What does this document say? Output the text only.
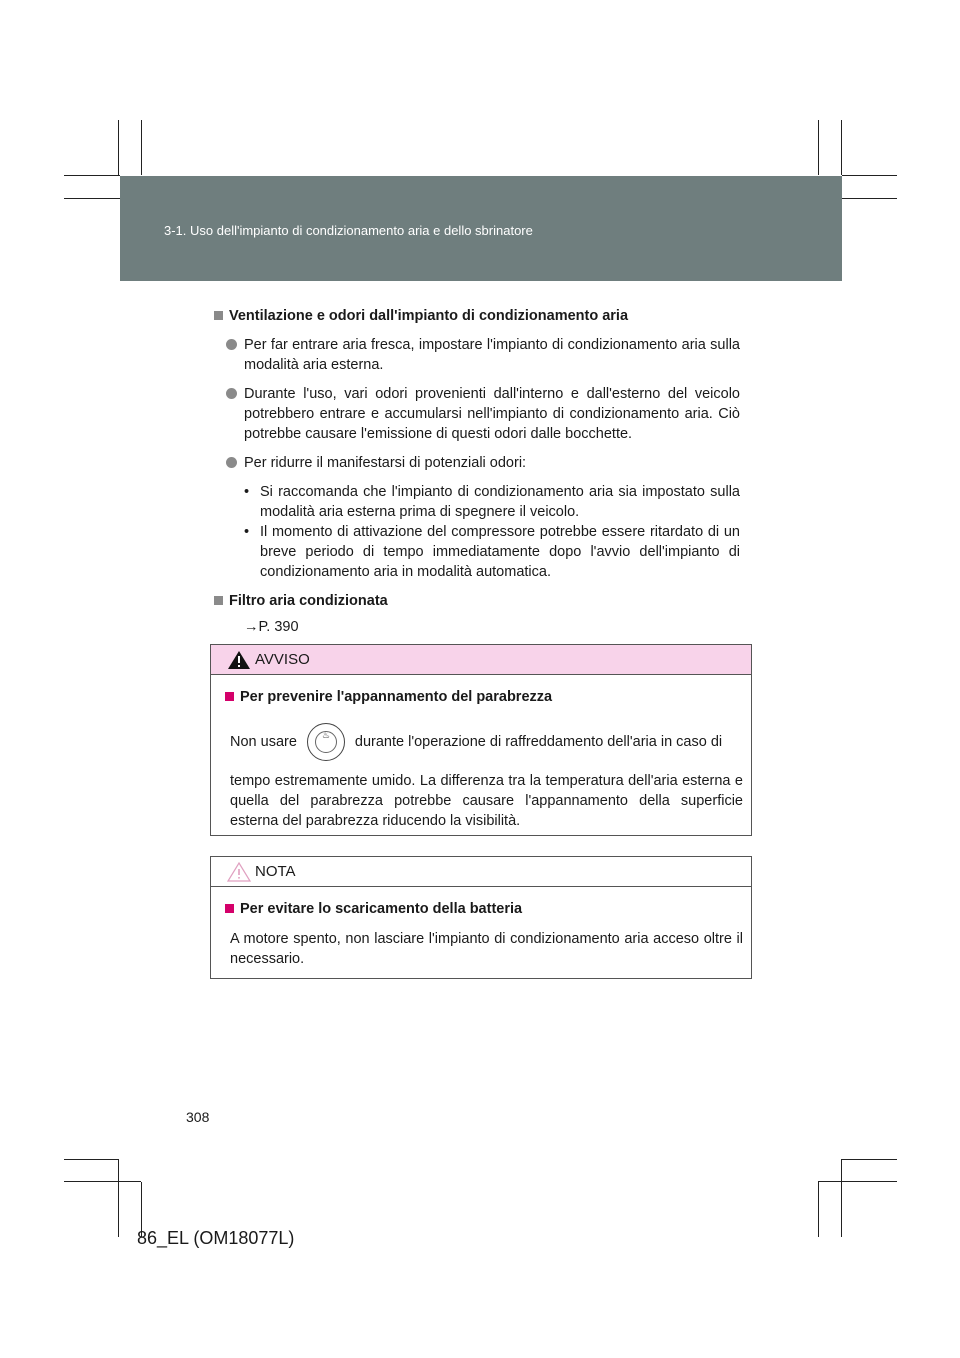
3-1. Uso dell'impianto di condizionamento aria e dello sbrinatore
Ventilazione e odori dall'impianto di condizionamento aria
Per far entrare aria fresca, impostare l'impianto di condizionamento aria sulla modalità aria esterna.
Durante l'uso, vari odori provenienti dall'interno e dall'esterno del veicolo potrebbero entrare e accumularsi nell'impianto di condizionamento aria. Ciò potrebbe causare l'emissione di questi odori dalle bocchette.
Per ridurre il manifestarsi di potenziali odori:
• Si raccomanda che l'impianto di condizionamento aria sia impostato sulla modalità aria esterna prima di spegnere il veicolo.
• Il momento di attivazione del compressore potrebbe essere ritardato di un breve periodo di tempo immediatamente dopo l'avvio dell'impianto di condizionamento aria in modalità automatica.
Filtro aria condizionata
→P. 390
AVVISO
Per prevenire l'appannamento del parabrezza
Non usare	♨ durante l'operazione di raffreddamento dell'aria in caso di
tempo estremamente umido. La differenza tra la temperatura dell'aria esterna e quella del parabrezza potrebbe causare l'appannamento della superficie esterna del parabrezza riducendo la visibilità.
NOTA
Per evitare lo scaricamento della batteria
A motore spento, non lasciare l'impianto di condizionamento aria acceso oltre il necessario.
308
86_EL (OM18077L)
